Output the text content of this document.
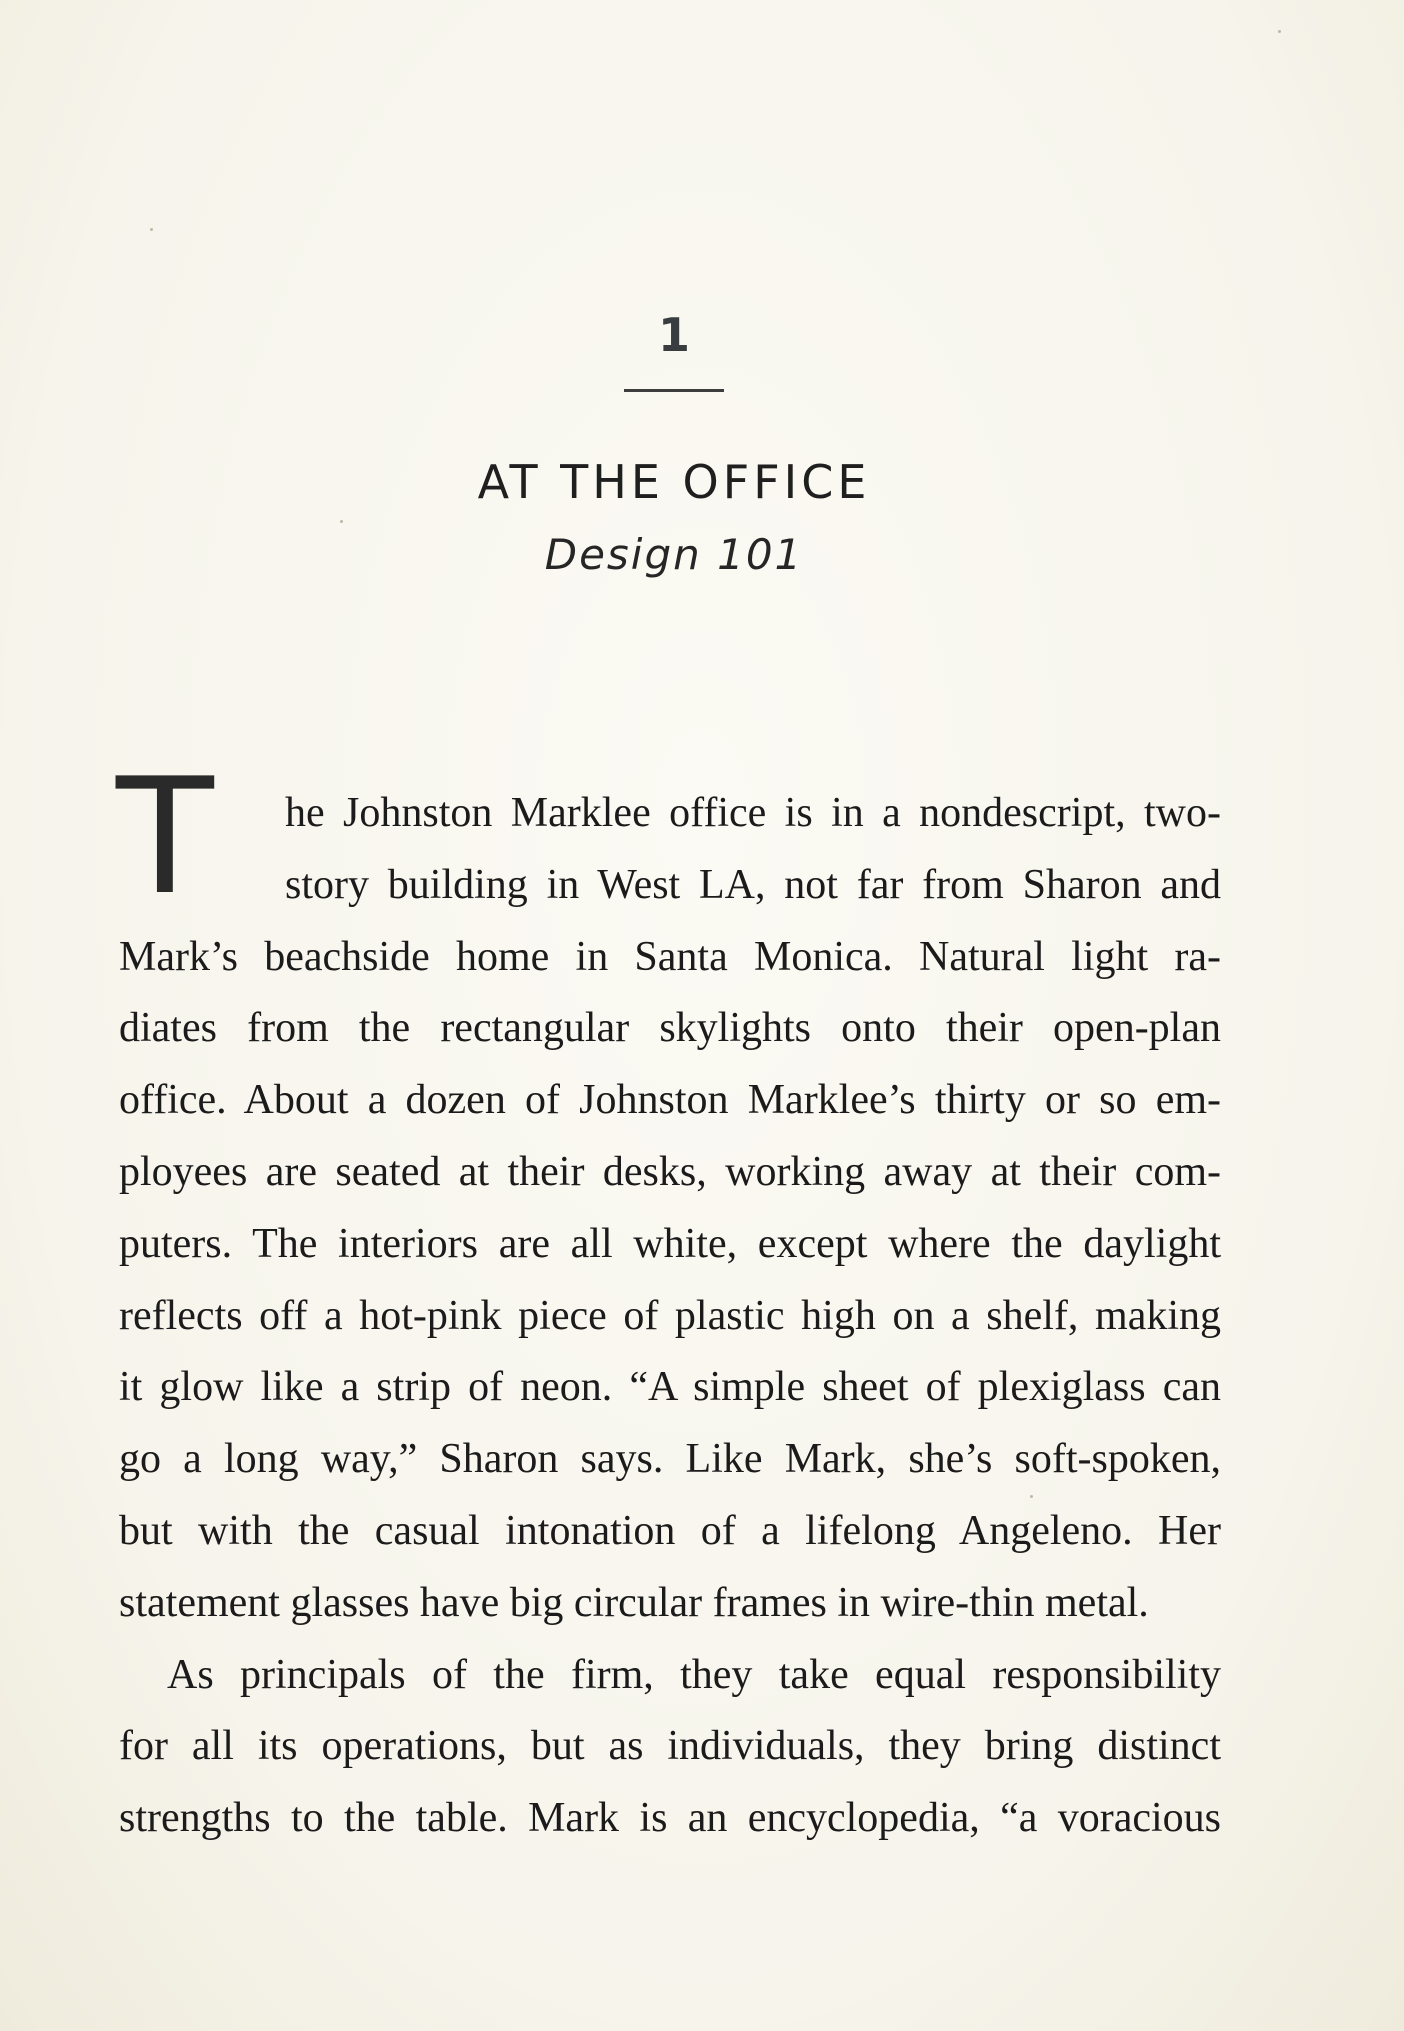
1
AT THE OFFICE
Design 101
T he Johnston Marklee office is in a nondescript, two-
story building in West LA, not far from Sharon and
Mark’s beachside home in Santa Monica. Natural light ra-
diates from the rectangular skylights onto their open-plan
office. About a dozen of Johnston Marklee’s thirty or so em-
ployees are seated at their desks, working away at their com-
puters. The interiors are all white, except where the daylight
reflects off a hot-pink piece of plastic high on a shelf, making
it glow like a strip of neon. “A simple sheet of plexiglass can
go a long way,” Sharon says. Like Mark, she’s soft-spoken,
but with the casual intonation of a lifelong Angeleno. Her
statement glasses have big circular frames in wire-thin metal.
As principals of the firm, they take equal responsibility
for all its operations, but as individuals, they bring distinct
strengths to the table. Mark is an encyclopedia, “a voracious
